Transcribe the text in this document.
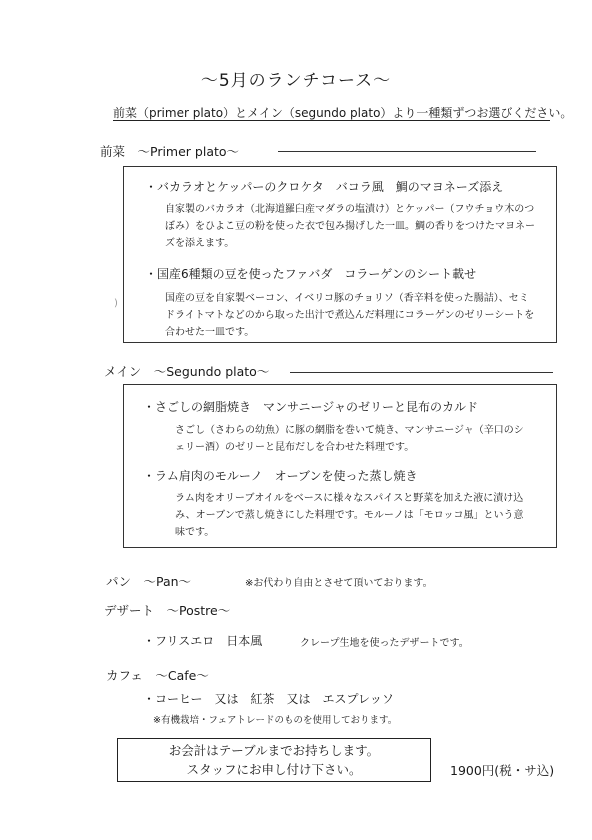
〜5月のランチコース〜
前菜（primer plato）とメイン（segundo plato）より一種類ずつお選びください。
前菜　〜Primer plato〜
)
・バカラオとケッパーのクロケタ　バコラ風　鯛のマヨネーズ添え
自家製のバカラオ（北海道羅臼産マダラの塩漬け）とケッパー（フウチョウ木のつぼみ）をひよこ豆の粉を使った衣で包み揚げした一皿。鯛の香りをつけたマヨネーズを添えます。
・国産6種類の豆を使ったファバダ　コラーゲンのシート載せ
国産の豆を自家製ベーコン、イベリコ豚のチョリソ（香辛料を使った腸詰）、セミドライトマトなどのから取った出汁で煮込んだ料理にコラーゲンのゼリーシートを合わせた一皿です。
メイン　〜Segundo plato〜
・さごしの網脂焼き　マンサニージャのゼリーと昆布のカルド
さごし（さわらの幼魚）に豚の網脂を巻いて焼き、マンサニージャ（辛口のシェリー酒）のゼリーと昆布だしを合わせた料理です。
・ラム肩肉のモルーノ　オーブンを使った蒸し焼き
ラム肉をオリーブオイルをベースに様々なスパイスと野菜を加えた液に漬け込み、オーブンで蒸し焼きにした料理です。モルーノは「モロッコ風」という意味です。
パン　〜Pan〜	※お代わり自由とさせて頂いております。
デザート　〜Postre〜
・フリスエロ　日本風	クレープ生地を使ったデザートです。
カフェ　〜Cafe〜
・コーヒー　又は　紅茶　又は　エスプレッソ
※有機栽培・フェアトレードのものを使用しております。
お会計はテーブルまでお持ちします。
スタッフにお申し付け下さい。	1900円(税・サ込)
